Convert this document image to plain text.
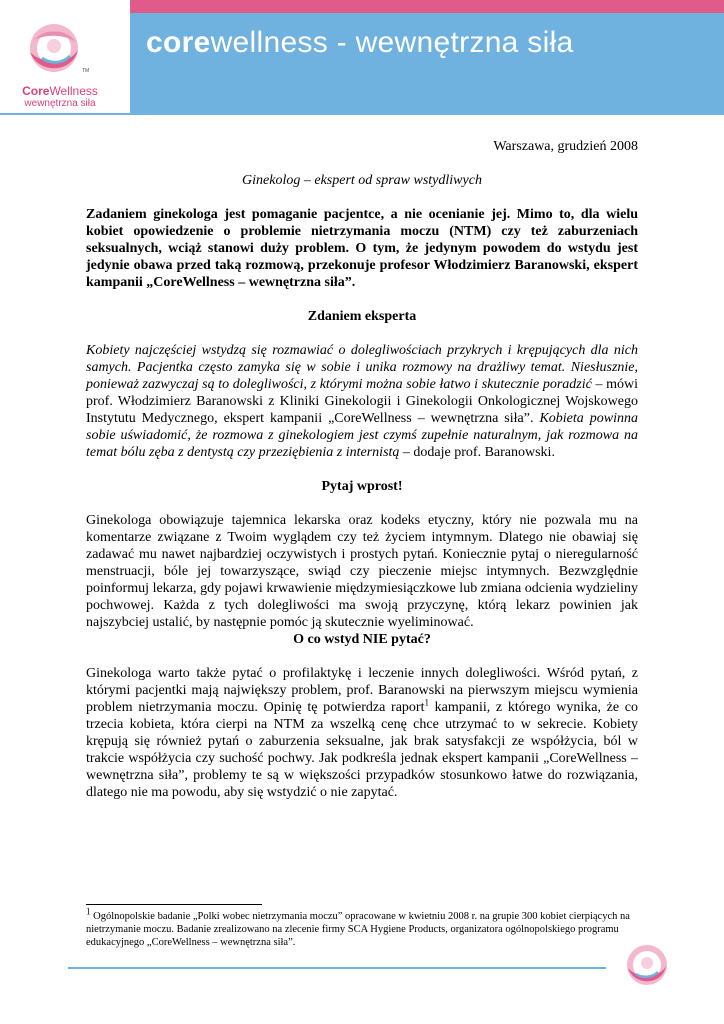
corewellness - wewnętrzna siła
TM
CoreWellness
wewnętrzna siła

Warszawa, grudzień 2008

Ginekolog – ekspert od spraw wstydliwych

Zadaniem ginekologa jest pomaganie pacjentce, a nie ocenianie jej. Mimo to, dla wielu kobiet opowiedzenie o problemie nietrzymania moczu (NTM) czy też zaburzeniach seksualnych, wciąż stanowi duży problem. O tym, że jedynym powodem do wstydu jest jedynie obawa przed taką rozmową, przekonuje profesor Włodzimierz Baranowski, ekspert kampanii „CoreWellness – wewnętrzna siła”.

Zdaniem eksperta

Kobiety najczęściej wstydzą się rozmawiać o dolegliwościach przykrych i krępujących dla nich samych. Pacjentka często zamyka się w sobie i unika rozmowy na drażliwy temat. Niesłusznie, ponieważ zazwyczaj są to dolegliwości, z którymi można sobie łatwo i skutecznie poradzić – mówi prof. Włodzimierz Baranowski z Kliniki Ginekologii i Ginekologii Onkologicznej Wojskowego Instytutu Medycznego, ekspert kampanii „CoreWellness – wewnętrzna siła”. Kobieta powinna sobie uświadomić, że rozmowa z ginekologiem jest czymś zupełnie naturalnym, jak rozmowa na temat bólu zęba z dentystą czy przeziębienia z internistą – dodaje prof. Baranowski.

Pytaj wprost!

Ginekologa obowiązuje tajemnica lekarska oraz kodeks etyczny, który nie pozwala mu na komentarze związane z Twoim wyglądem czy też życiem intymnym. Dlatego nie obawiaj się zadawać mu nawet najbardziej oczywistych i prostych pytań. Koniecznie pytaj o nieregularność menstruacji, bóle jej towarzyszące, swiąd czy pieczenie miejsc intymnych. Bezwzględnie poinformuj lekarza, gdy pojawi krwawienie międzymiesiączkowe lub zmiana odcienia wydzieliny pochwowej. Każda z tych dolegliwości ma swoją przyczynę, którą lekarz powinien jak najszybciej ustalić, by następnie pomóc ją skutecznie wyeliminować.

O co wstyd NIE pytać?

Ginekologa warto także pytać o profilaktykę i leczenie innych dolegliwości. Wśród pytań, z którymi pacjentki mają największy problem, prof. Baranowski na pierwszym miejscu wymienia problem nietrzymania moczu. Opinię tę potwierdza raport$^1$ kampanii, z którego wynika, że co trzecia kobieta, która cierpi na NTM za wszelką cenę chce utrzymać to w sekrecie. Kobiety krępują się również pytań o zaburzenia seksualne, jak brak satysfakcji ze współżycia, ból w trakcie współżycia czy suchość pochwy. Jak podkreśla jednak ekspert kampanii „CoreWellness – wewnętrzna siła”, problemy te są w większości przypadków stosunkowo łatwe do rozwiązania, dlatego nie ma powodu, aby się wstydzić o nie zapytać.

$^1$ Ogólnopolskie badanie „Polki wobec nietrzymania moczu” opracowane w kwietniu 2008 r. na grupie 300 kobiet cierpiących na nietrzymanie moczu. Badanie zrealizowano na zlecenie firmy SCA Hygiene Products, organizatora ogólnopolskiego programu edukacyjnego „CoreWellness – wewnętrzna siła”.
